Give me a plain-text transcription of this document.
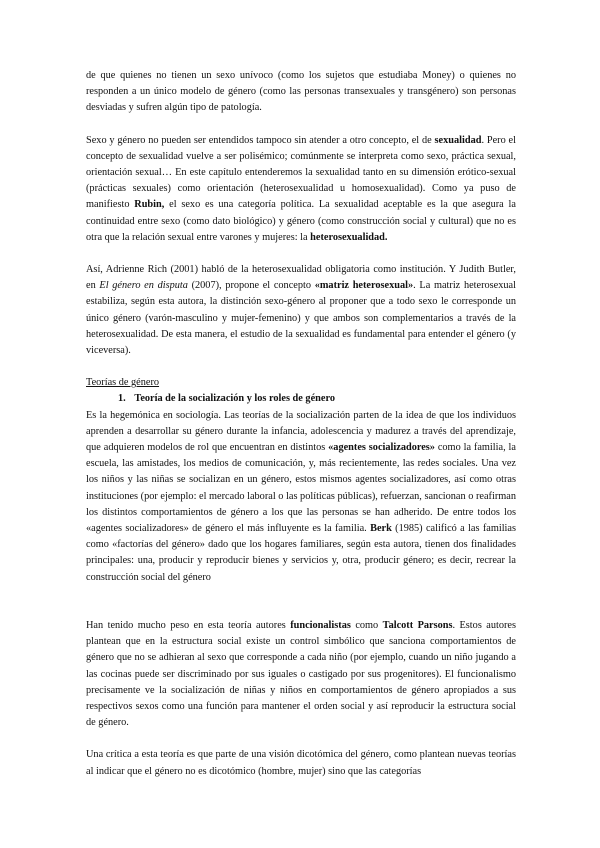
de que quienes no tienen un sexo unívoco (como los sujetos que estudiaba Money) o quienes no responden a un único modelo de género (como las personas transexuales y transgénero) son personas desviadas y sufren algún tipo de patología.

Sexo y género no pueden ser entendidos tampoco sin atender a otro concepto, el de sexualidad. Pero el concepto de sexualidad vuelve a ser polisémico; comúnmente se interpreta como sexo, práctica sexual, orientación sexual… En este capítulo entenderemos la sexualidad tanto en su dimensión erótico-sexual (prácticas sexuales) como orientación (heterosexualidad u homosexualidad). Como ya puso de manifiesto Rubin, el sexo es una categoría política. La sexualidad aceptable es la que asegura la continuidad entre sexo (como dato biológico) y género (como construcción social y cultural) que no es otra que la relación sexual entre varones y mujeres: la heterosexualidad.

Así, Adrienne Rich (2001) habló de la heterosexualidad obligatoria como institución. Y Judith Butler, en El género en disputa (2007), propone el concepto «matriz heterosexual». La matriz heterosexual estabiliza, según esta autora, la distinción sexo-género al proponer que a todo sexo le corresponde un único género (varón-masculino y mujer-femenino) y que ambos son complementarios a través de la heterosexualidad. De esta manera, el estudio de la sexualidad es fundamental para entender el género (y viceversa).

Teorías de género

1. Teoría de la socialización y los roles de género

Es la hegemónica en sociología. Las teorías de la socialización parten de la idea de que los individuos aprenden a desarrollar su género durante la infancia, adolescencia y madurez a través del aprendizaje, que adquieren modelos de rol que encuentran en distintos «agentes socializadores» como la familia, la escuela, las amistades, los medios de comunicación, y, más recientemente, las redes sociales. Una vez los niños y las niñas se socializan en un género, estos mismos agentes socializadores, así como otras instituciones (por ejemplo: el mercado laboral o las políticas públicas), refuerzan, sancionan o reafirman los distintos comportamientos de género a los que las personas se han adherido. De entre todos los «agentes socializadores» de género el más influyente es la familia. Berk (1985) calificó a las familias como «factorías del género» dado que los hogares familiares, según esta autora, tienen dos finalidades principales: una, producir y reproducir bienes y servicios y, otra, producir género; es decir, recrear la construcción social del género

Han tenido mucho peso en esta teoría autores funcionalistas como Talcott Parsons. Estos autores plantean que en la estructura social existe un control simbólico que sanciona comportamientos de género que no se adhieran al sexo que corresponde a cada niño (por ejemplo, cuando un niño jugando a las cocinas puede ser discriminado por sus iguales o castigado por sus progenitores). El funcionalismo precisamente ve la socialización de niñas y niños en comportamientos de género apropiados a sus respectivos sexos como una función para mantener el orden social y así reproducir la estructura social de género.

Una crítica a esta teoría es que parte de una visión dicotómica del género, como plantean nuevas teorías al indicar que el género no es dicotómico (hombre, mujer) sino que las categorías
